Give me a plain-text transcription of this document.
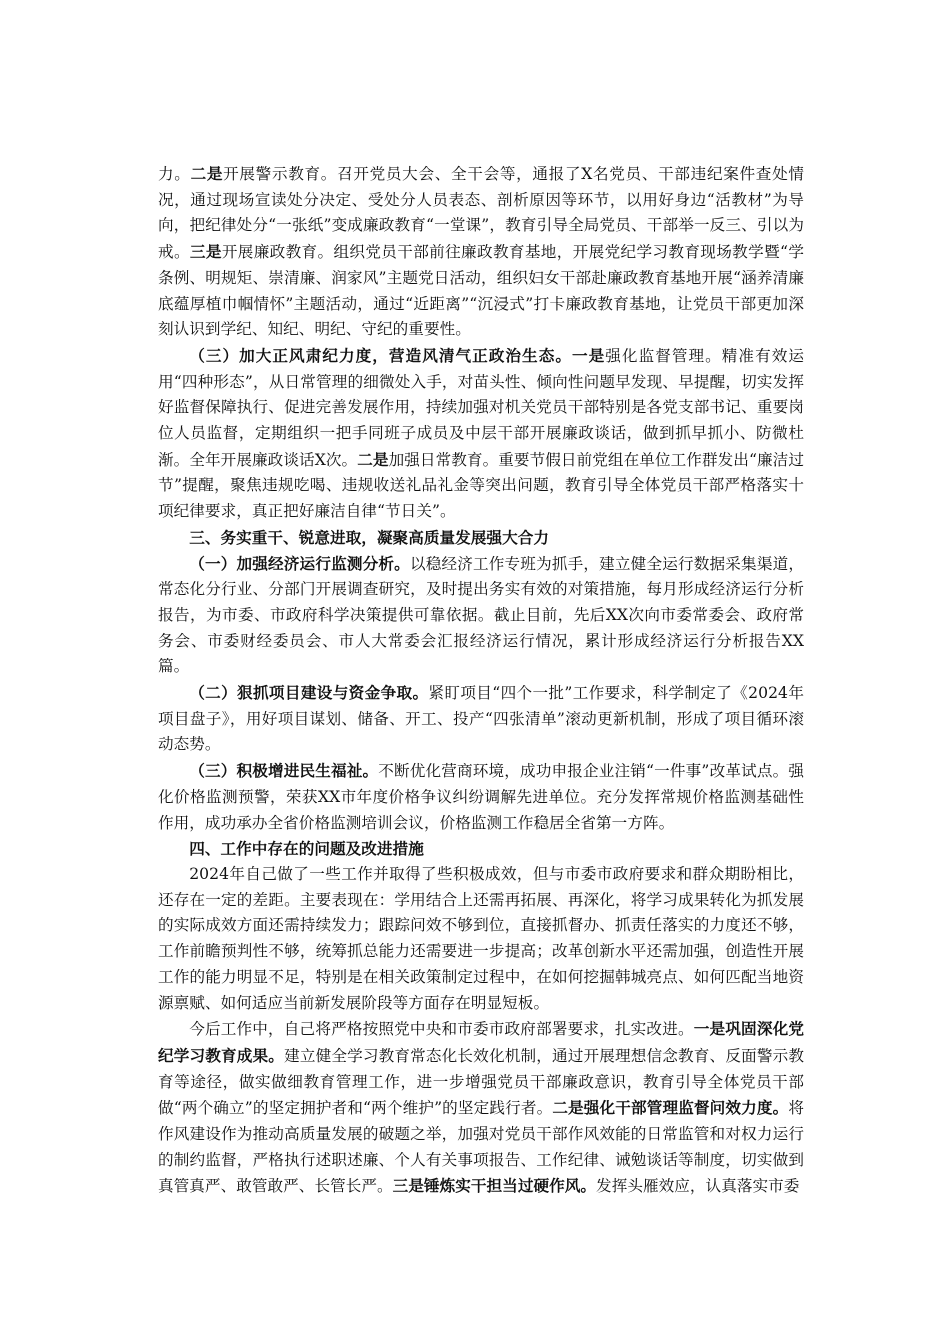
力。二是开展警示教育。召开党员大会、全干会等，通报了X名党员、干部违纪案件查处情况，通过现场宣读处分决定、受处分人员表态、剖析原因等环节，以用好身边“活教材”为导向，把纪律处分“一张纸”变成廉政教育“一堂课”，教育引导全局党员、干部举一反三、引以为戒。三是开展廉政教育。组织党员干部前往廉政教育基地，开展党纪学习教育现场教学暨“学条例、明规矩、崇清廉、润家风”主题党日活动，组织妇女干部赴廉政教育基地开展“涵养清廉底蕴厚植巾帼情怀”主题活动，通过“近距离”“沉浸式”打卡廉政教育基地，让党员干部更加深刻认识到学纪、知纪、明纪、守纪的重要性。

（三）加大正风肃纪力度，营造风清气正政治生态。一是强化监督管理。精准有效运用“四种形态”，从日常管理的细微处入手，对苗头性、倾向性问题早发现、早提醒，切实发挥好监督保障执行、促进完善发展作用，持续加强对机关党员干部特别是各党支部书记、重要岗位人员监督，定期组织一把手同班子成员及中层干部开展廉政谈话，做到抓早抓小、防微杜渐。全年开展廉政谈话X次。二是加强日常教育。重要节假日前党组在单位工作群发出“廉洁过节”提醒，聚焦违规吃喝、违规收送礼品礼金等突出问题，教育引导全体党员干部严格落实十项纪律要求，真正把好廉洁自律“节日关”。

三、务实重干、锐意进取，凝聚高质量发展强大合力

（一）加强经济运行监测分析。以稳经济工作专班为抓手，建立健全运行数据采集渠道，常态化分行业、分部门开展调查研究，及时提出务实有效的对策措施，每月形成经济运行分析报告，为市委、市政府科学决策提供可靠依据。截止目前，先后XX次向市委常委会、政府常务会、市委财经委员会、市人大常委会汇报经济运行情况，累计形成经济运行分析报告XX篇。

（二）狠抓项目建设与资金争取。紧盯项目“四个一批”工作要求，科学制定了《2024年项目盘子》，用好项目谋划、储备、开工、投产“四张清单”滚动更新机制，形成了项目循环滚动态势。

（三）积极增进民生福祉。不断优化营商环境，成功申报企业注销“一件事”改革试点。强化价格监测预警，荣获XX市年度价格争议纠纷调解先进单位。充分发挥常规价格监测基础性作用，成功承办全省价格监测培训会议，价格监测工作稳居全省第一方阵。

四、工作中存在的问题及改进措施

2024年自己做了一些工作并取得了些积极成效，但与市委市政府要求和群众期盼相比，还存在一定的差距。主要表现在：学用结合上还需再拓展、再深化，将学习成果转化为抓发展的实际成效方面还需持续发力；跟踪问效不够到位，直接抓督办、抓责任落实的力度还不够，工作前瞻预判性不够，统筹抓总能力还需要进一步提高；改革创新水平还需加强，创造性开展工作的能力明显不足，特别是在相关政策制定过程中，在如何挖掘韩城亮点、如何匹配当地资源禀赋、如何适应当前新发展阶段等方面存在明显短板。

今后工作中，自己将严格按照党中央和市委市政府部署要求，扎实改进。一是巩固深化党纪学习教育成果。建立健全学习教育常态化长效化机制，通过开展理想信念教育、反面警示教育等途径，做实做细教育管理工作，进一步增强党员干部廉政意识，教育引导全体党员干部做“两个确立”的坚定拥护者和“两个维护”的坚定践行者。二是强化干部管理监督问效力度。将作风建设作为推动高质量发展的破题之举，加强对党员干部作风效能的日常监管和对权力运行的制约监督，严格执行述职述廉、个人有关事项报告、工作纪律、诫勉谈话等制度，切实做到真管真严、敢管敢严、长管长严。三是锤炼实干担当过硬作风。发挥头雁效应，认真落实市委
